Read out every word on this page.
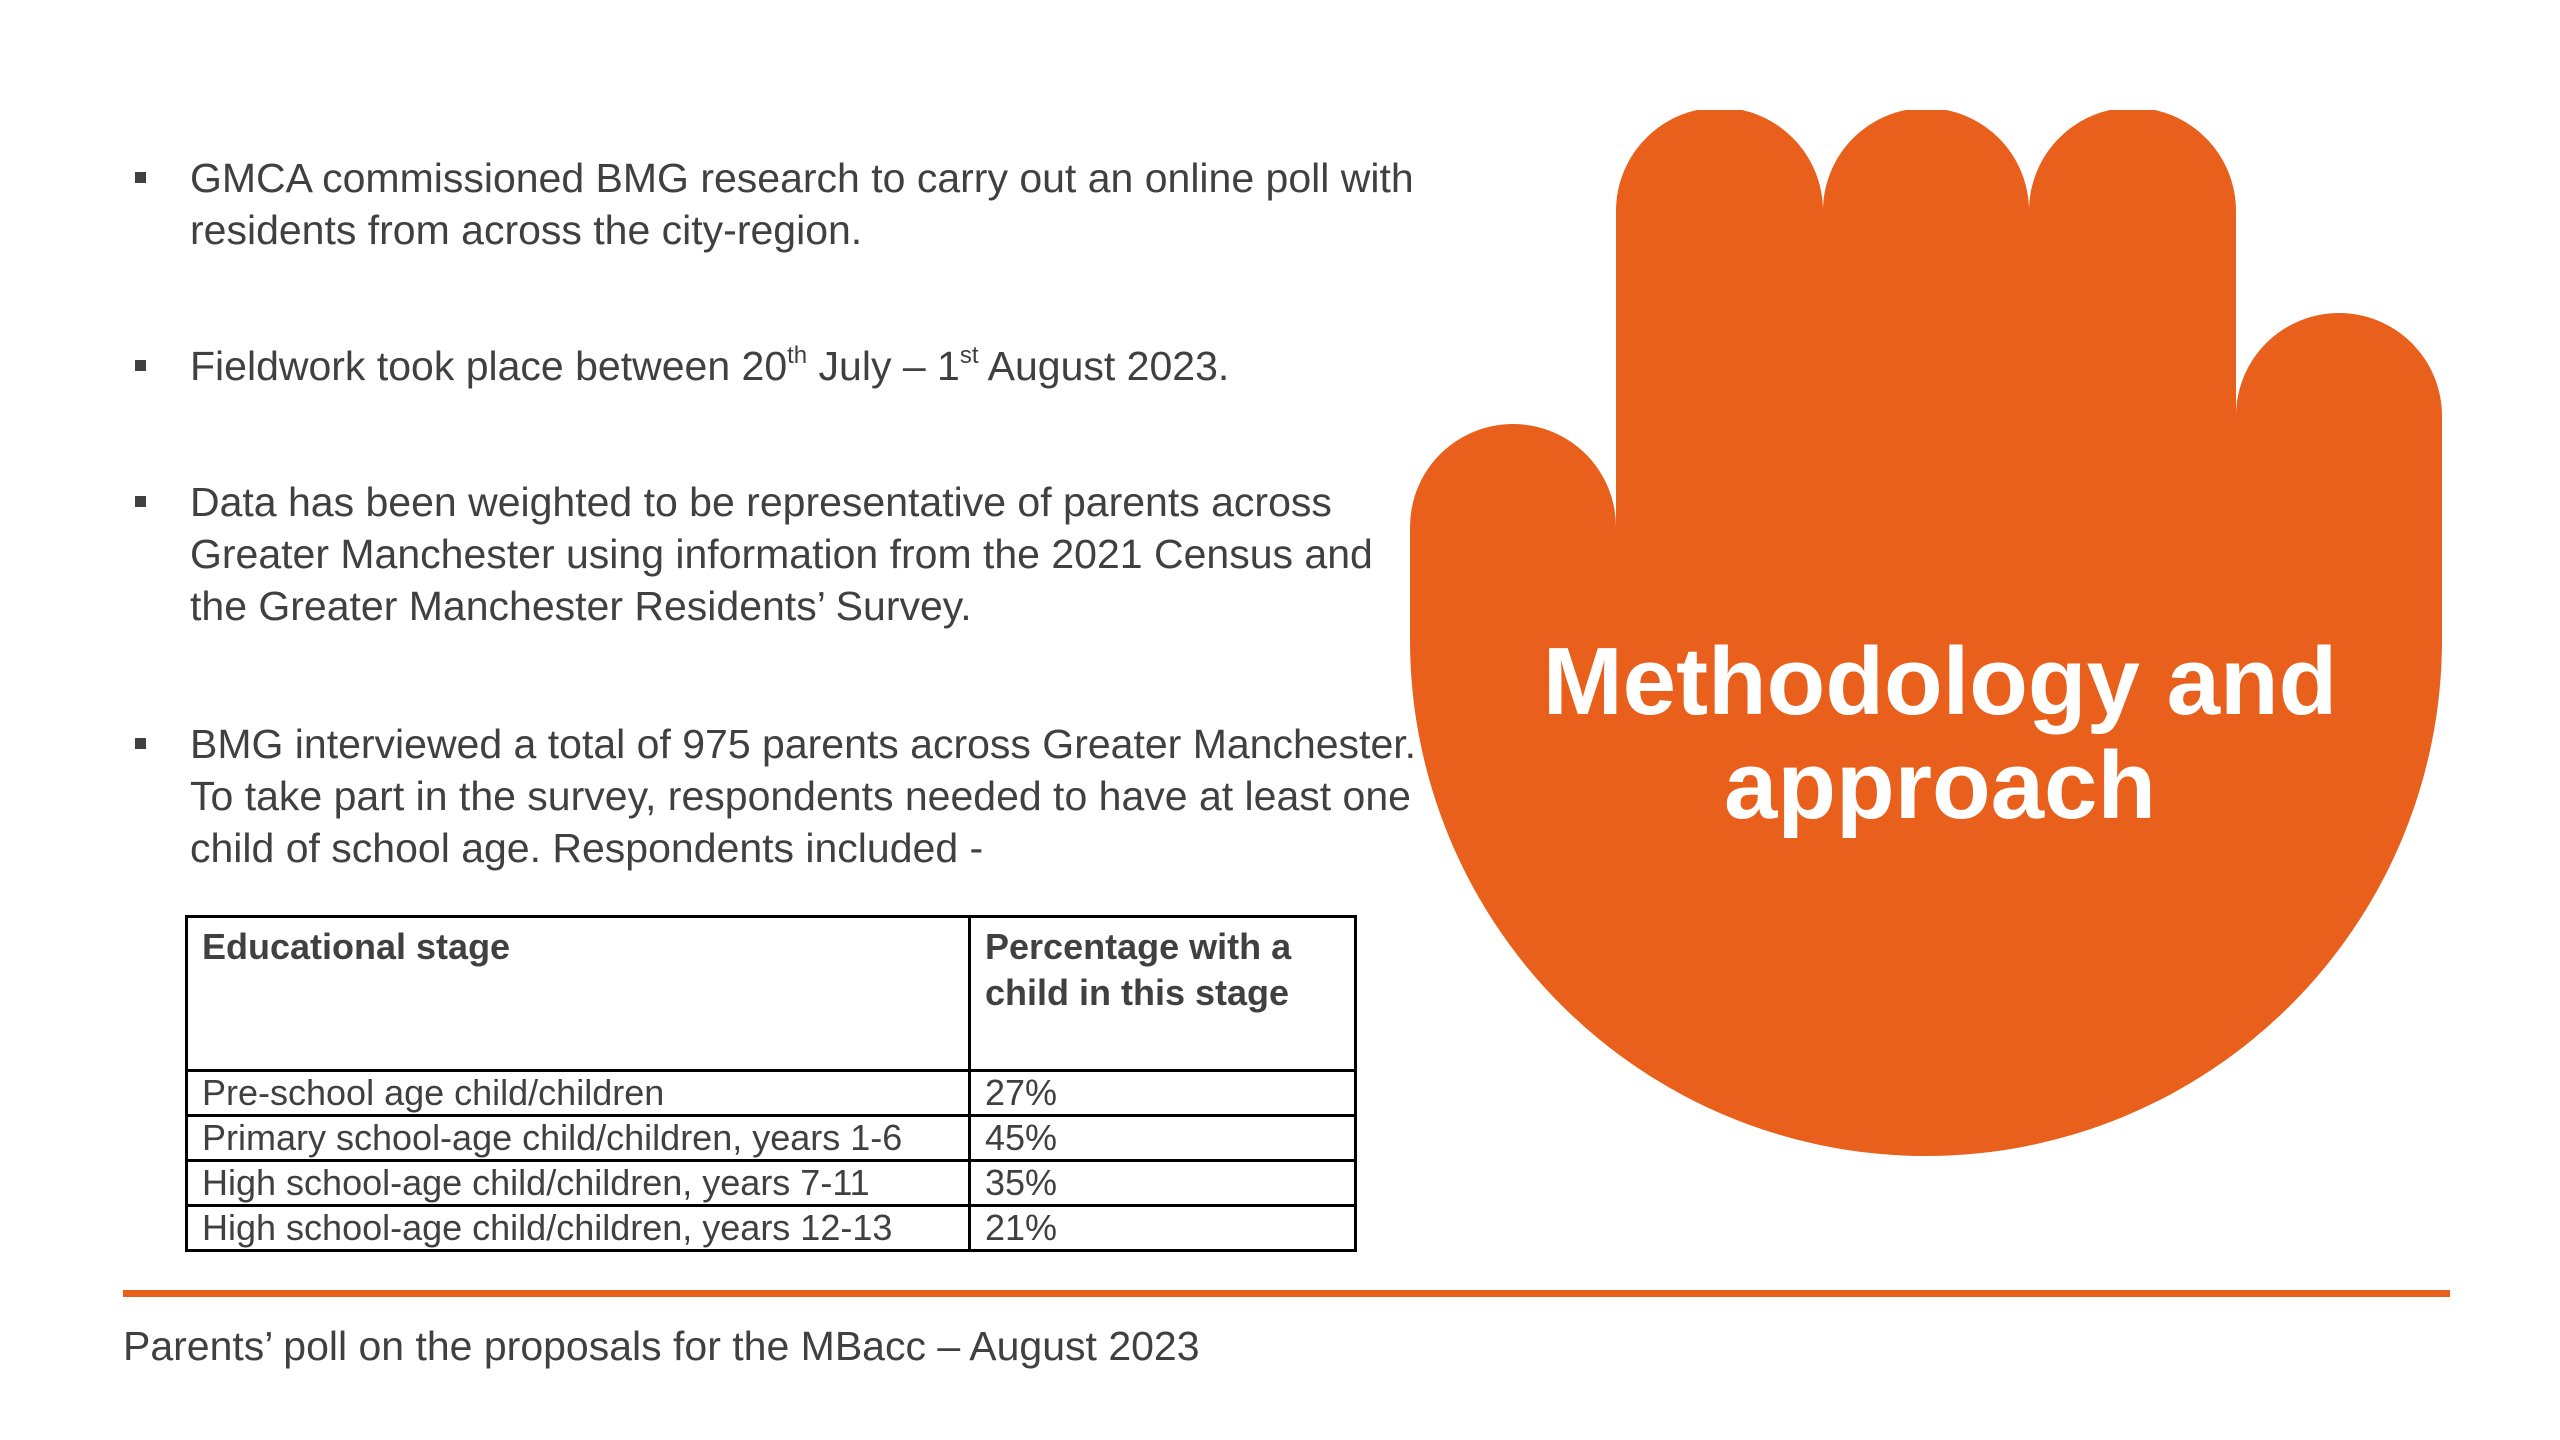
GMCA commissioned BMG research to carry out an online poll with residents from across the city-region.
Fieldwork took place between 20th July – 1st August 2023.
Data has been weighted to be representative of parents across Greater Manchester using information from the 2021 Census and the Greater Manchester Residents’ Survey.
BMG interviewed a total of 975 parents across Greater Manchester. To take part in the survey, respondents needed to have at least one child of school age. Respondents included -
Educational stage	Percentage with a child in this stage
Pre-school age child/children	27%
Primary school-age child/children, years 1-6	45%
High school-age child/children, years 7-11	35%
High school-age child/children, years 12-13	21%
Methodology and
approach
Parents’ poll on the proposals for the MBacc – August 2023
